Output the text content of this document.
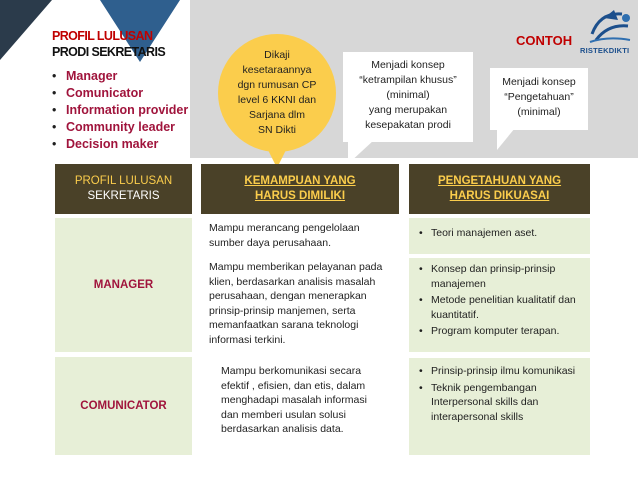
PROFIL LULUSAN
PRODI SEKRETARIS
• Manager
• Comunicator
• Information provider
• Community leader
• Decision maker
CONTOH
RISTEKDIKTI
Dikaji
kesetaraannya
dgn rumusan CP
level 6 KKNI dan
Sarjana dlm
SN Dikti
Menjadi konsep
“ketrampilan khusus”
(minimal)
yang merupakan
kesepakatan prodi
Menjadi konsep
“Pengetahuan”
(minimal)
PROFIL LULUSAN
SEKRETARIS
KEMAMPUAN YANG
HARUS DIMILIKI
PENGETAHUAN YANG
HARUS DIKUASAI
MANAGER
COMUNICATOR
Mampu merancang pengelolaan sumber daya perusahaan.
Mampu memberikan pelayanan pada klien, berdasarkan analisis masalah perusahaan, dengan menerapkan prinsip-prinsip manjemen, serta memanfaatkan sarana teknologi informasi terkini.
Mampu berkomunikasi secara efektif , efisien, dan etis, dalam menghadapi masalah informasi dan memberi usulan solusi berdasarkan analisis data.
• Teori manajemen aset.
• Konsep dan prinsip-prinsip manajemen
• Metode penelitian kualitatif dan kuantitatif.
• Program komputer terapan.
• Prinsip-prinsip ilmu komunikasi
• Teknik pengembangan Interpersonal skills dan interapersonal skills
